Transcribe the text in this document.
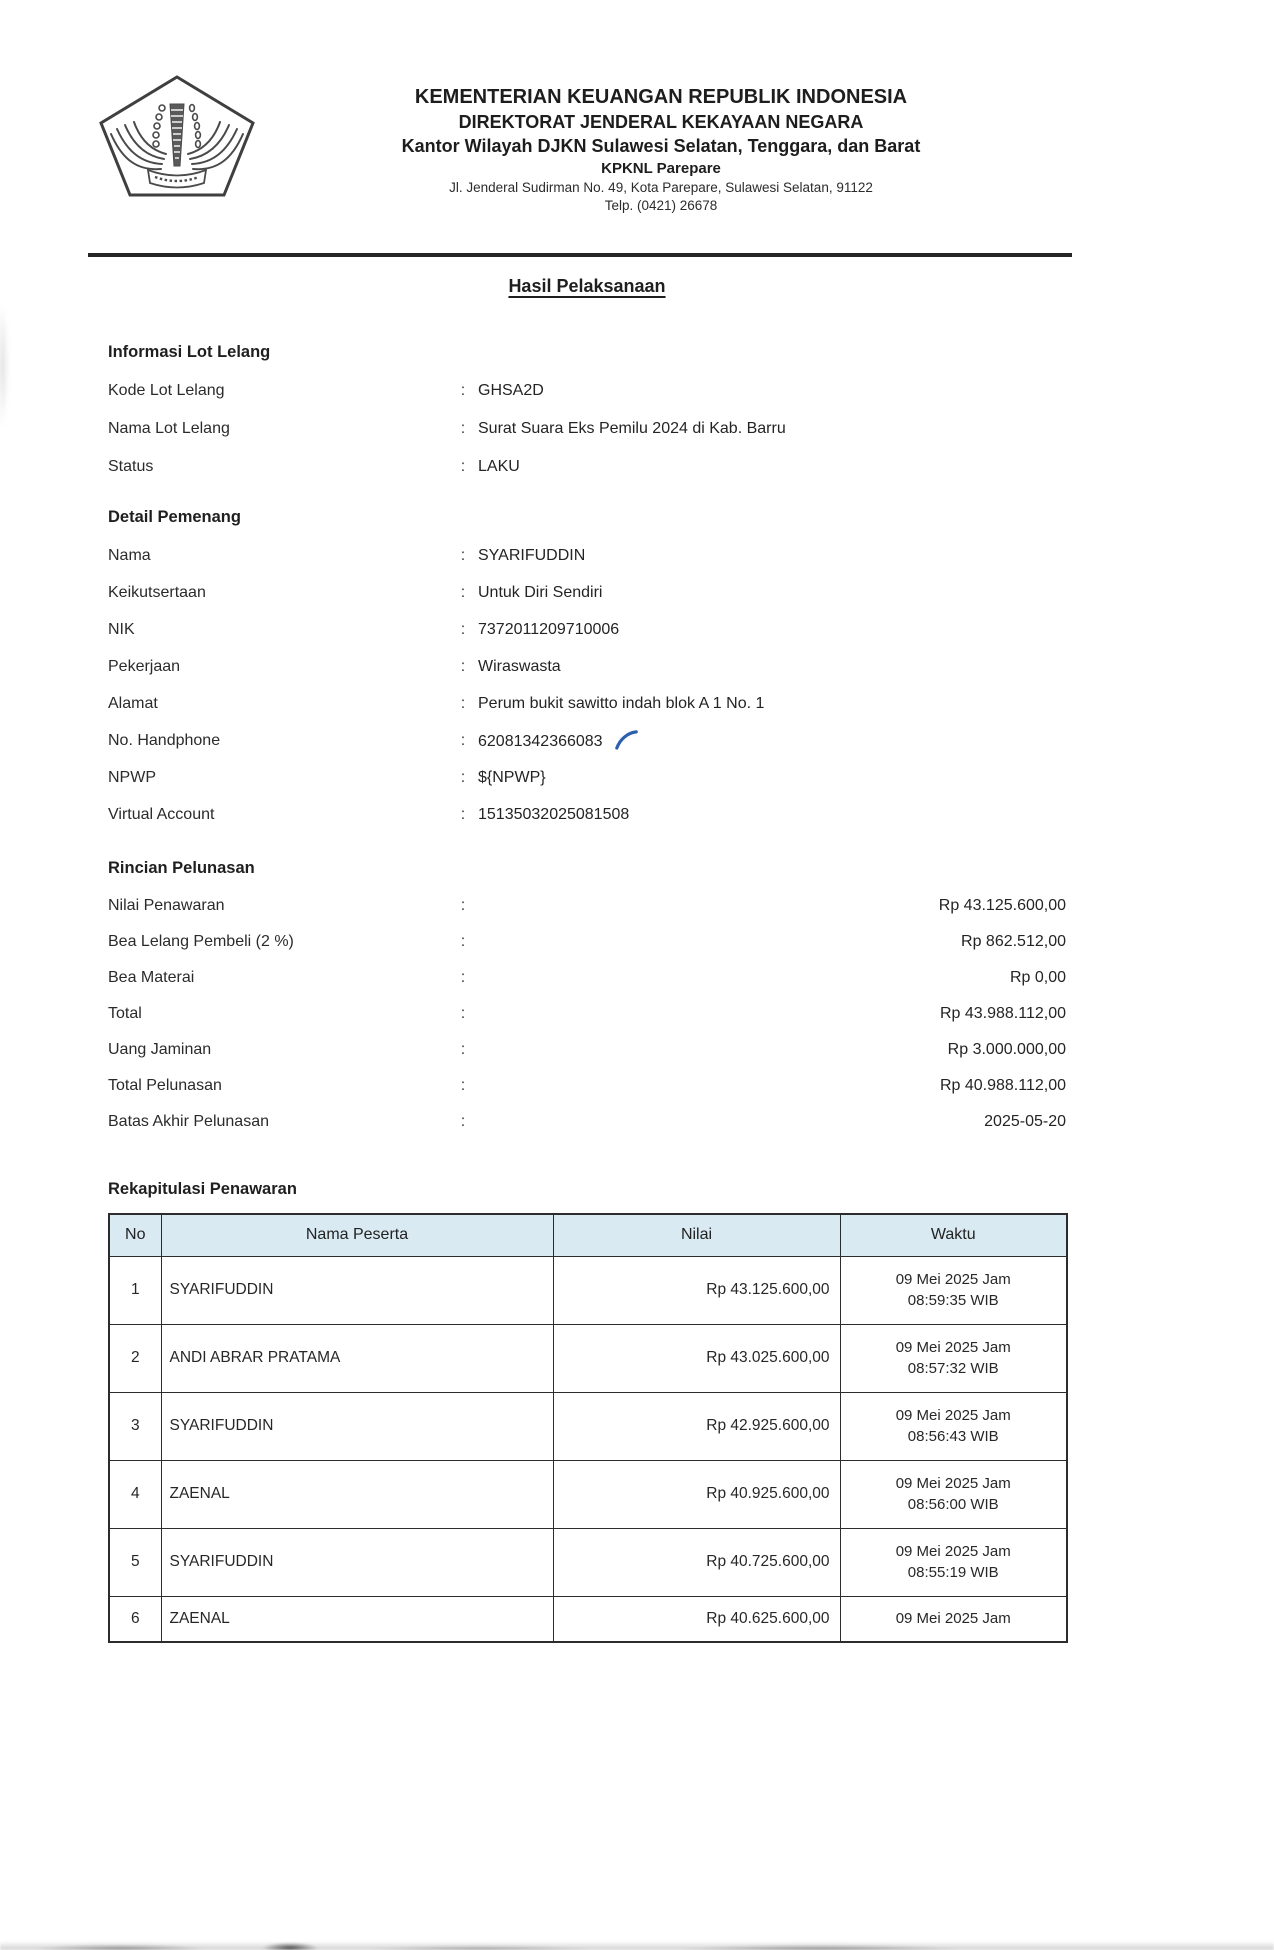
KEMENTERIAN KEUANGAN REPUBLIK INDONESIA
DIREKTORAT JENDERAL KEKAYAAN NEGARA
Kantor Wilayah DJKN Sulawesi Selatan, Tenggara, dan Barat
KPKNL Parepare
Jl. Jenderal Sudirman No. 49, Kota Parepare, Sulawesi Selatan, 91122
Telp. (0421) 26678
Hasil Pelaksanaan
Informasi Lot Lelang
Kode Lot Lelang	: GHSA2D
Nama Lot Lelang	: Surat Suara Eks Pemilu 2024 di Kab. Barru
Status	: LAKU
Detail Pemenang
Nama	: SYARIFUDDIN
Keikutsertaan	: Untuk Diri Sendiri
NIK	: 7372011209710006
Pekerjaan	: Wiraswasta
Alamat	: Perum bukit sawitto indah blok A 1 No. 1
No. Handphone	: 62081342366083
NPWP	: ${NPWP}
Virtual Account	: 15135032025081508
Rincian Pelunasan
Nilai Penawaran	:	Rp 43.125.600,00
Bea Lelang Pembeli (2 %)	:	Rp 862.512,00
Bea Materai	:	Rp 0,00
Total	:	Rp 43.988.112,00
Uang Jaminan	:	Rp 3.000.000,00
Total Pelunasan	:	Rp 40.988.112,00
Batas Akhir Pelunasan	:	2025-05-20
Rekapitulasi Penawaran
No	Nama Peserta	Nilai	Waktu
1	SYARIFUDDIN	Rp 43.125.600,00	09 Mei 2025 Jam
08:59:35 WIB

2	ANDI ABRAR PRATAMA	Rp 43.025.600,00	09 Mei 2025 Jam
08:57:32 WIB

3	SYARIFUDDIN	Rp 42.925.600,00	09 Mei 2025 Jam
08:56:43 WIB

4	ZAENAL	Rp 40.925.600,00	09 Mei 2025 Jam
08:56:00 WIB

5	SYARIFUDDIN	Rp 40.725.600,00	09 Mei 2025 Jam
08:55:19 WIB

6	ZAENAL	Rp 40.625.600,00	09 Mei 2025 Jam
